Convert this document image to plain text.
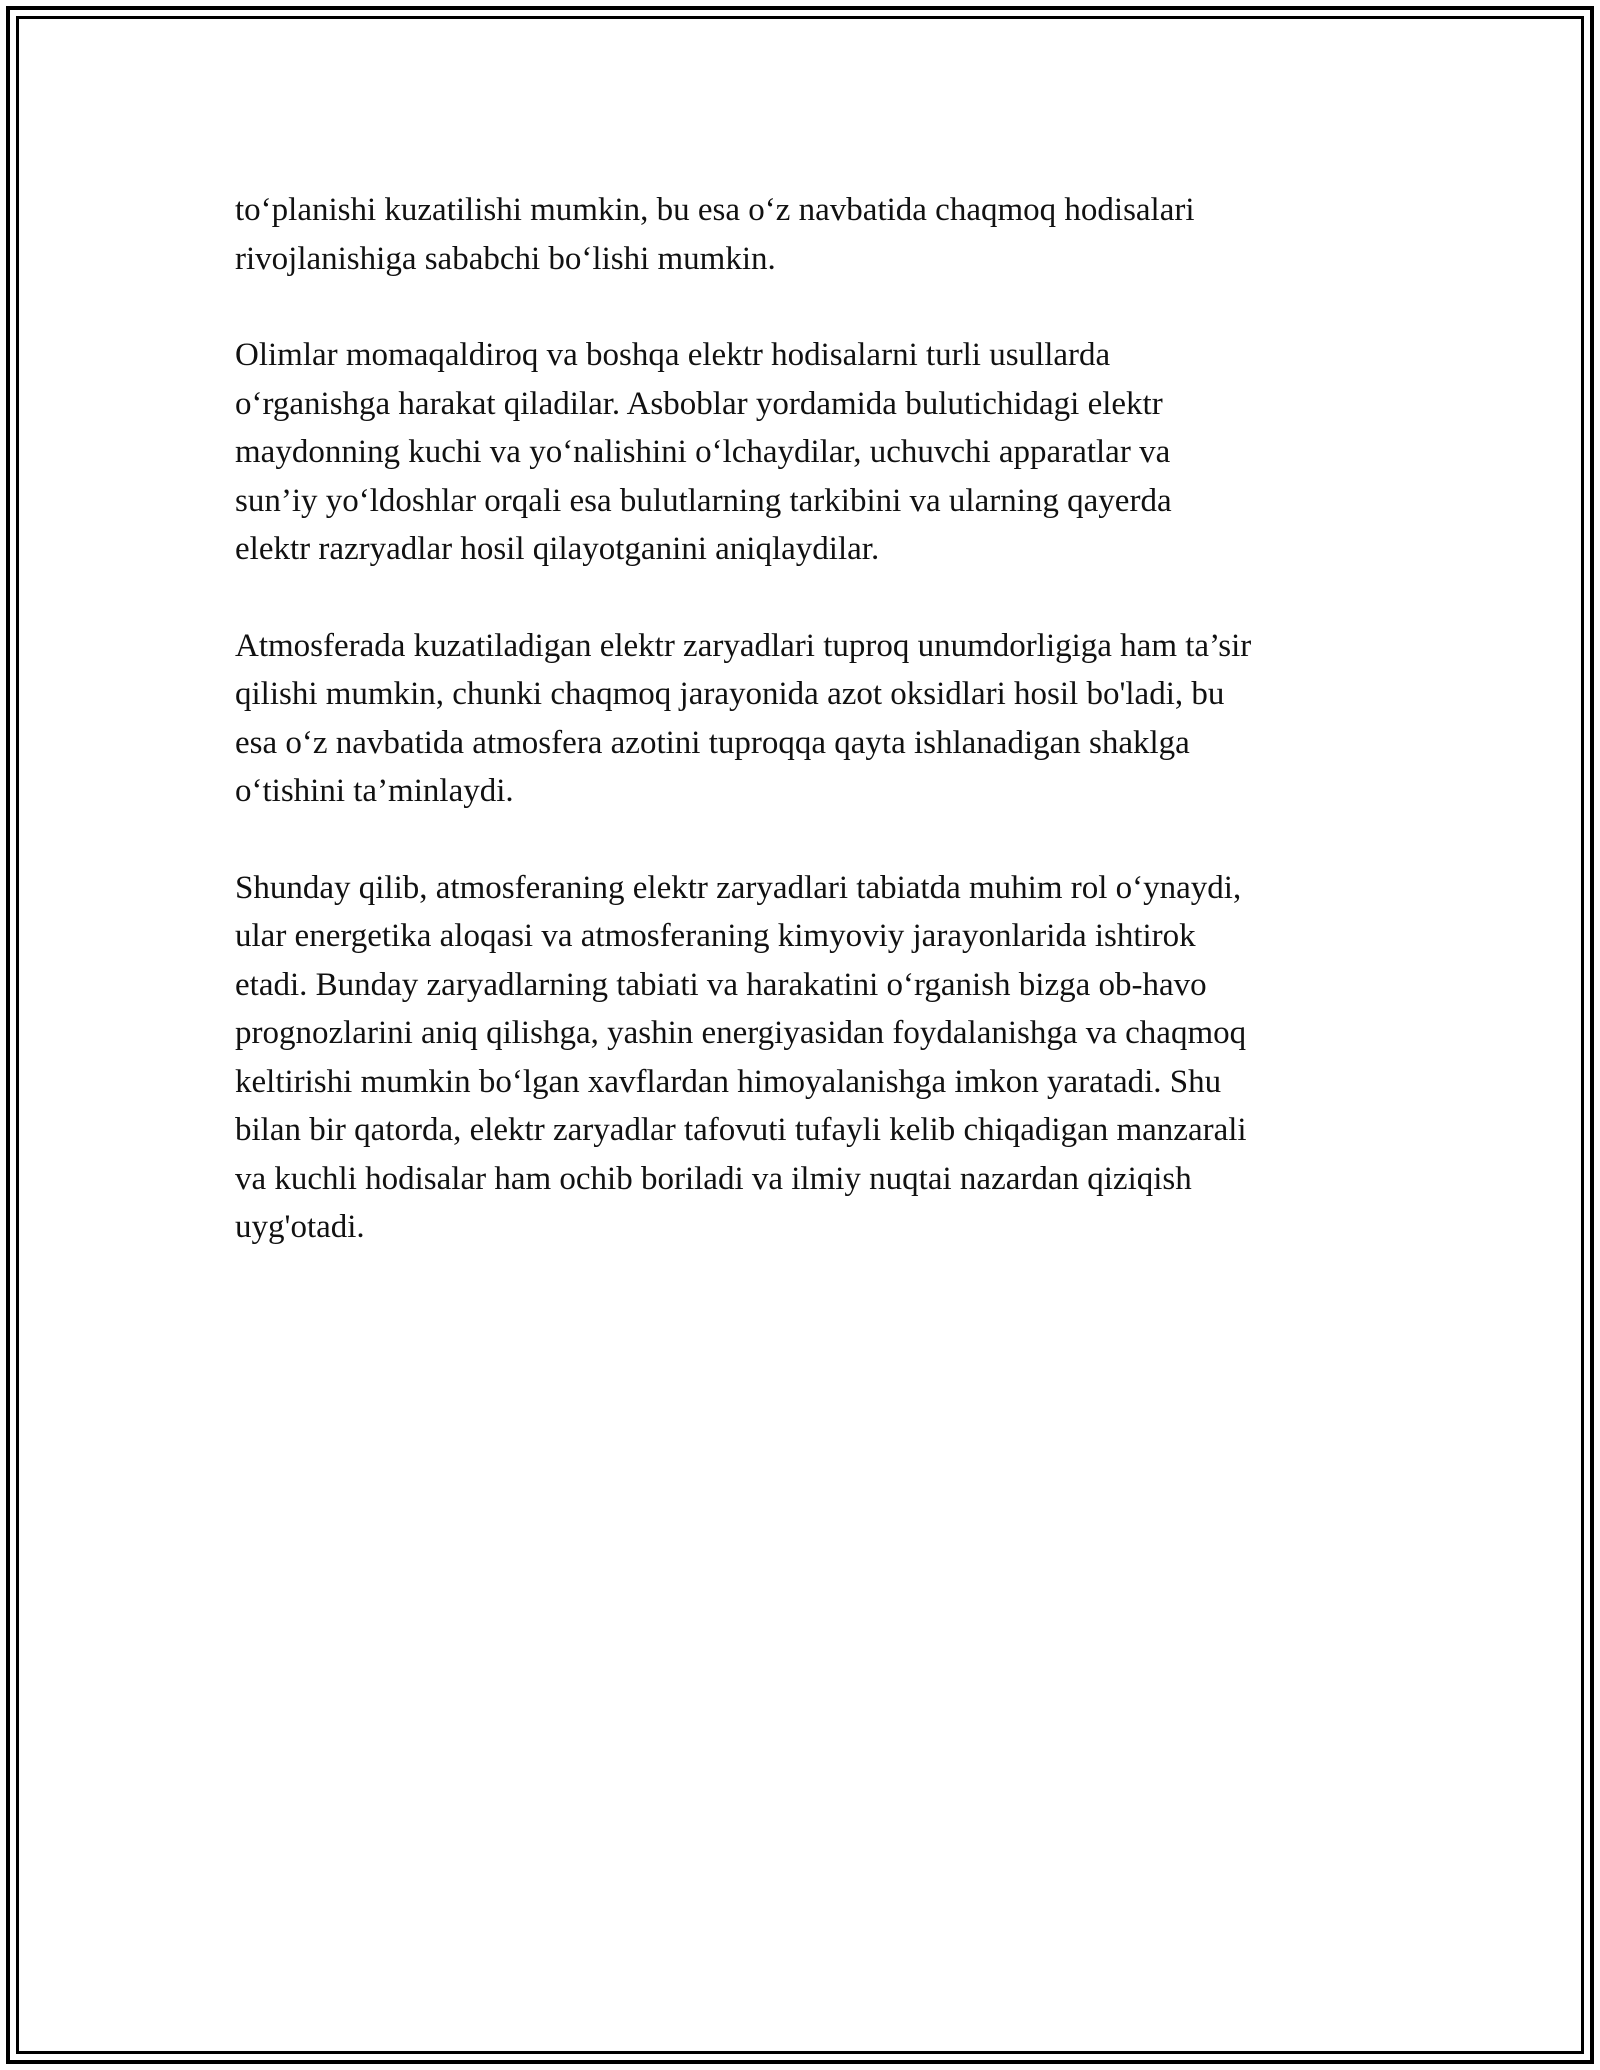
to‘planishi kuzatilishi mumkin, bu esa o‘z navbatida chaqmoq hodisalari
rivojlanishiga sababchi bo‘lishi mumkin.

Olimlar momaqaldiroq va boshqa elektr hodisalarni turli usullarda
o‘rganishga harakat qiladilar. Asboblar yordamida bulutichidagi elektr
maydonning kuchi va yo‘nalishini o‘lchaydilar, uchuvchi apparatlar va
sun’iy yo‘ldoshlar orqali esa bulutlarning tarkibini va ularning qayerda
elektr razryadlar hosil qilayotganini aniqlaydilar.

Atmosferada kuzatiladigan elektr zaryadlari tuproq unumdorligiga ham ta’sir
qilishi mumkin, chunki chaqmoq jarayonida azot oksidlari hosil bo'ladi, bu
esa o‘z navbatida atmosfera azotini tuproqqa qayta ishlanadigan shaklga
o‘tishini ta’minlaydi.

Shunday qilib, atmosferaning elektr zaryadlari tabiatda muhim rol o‘ynaydi,
ular energetika aloqasi va atmosferaning kimyoviy jarayonlarida ishtirok
etadi. Bunday zaryadlarning tabiati va harakatini o‘rganish bizga ob-havo
prognozlarini aniq qilishga, yashin energiyasidan foydalanishga va chaqmoq
keltirishi mumkin bo‘lgan xavflardan himoyalanishga imkon yaratadi. Shu
bilan bir qatorda, elektr zaryadlar tafovuti tufayli kelib chiqadigan manzarali
va kuchli hodisalar ham ochib boriladi va ilmiy nuqtai nazardan qiziqish
uyg'otadi.
